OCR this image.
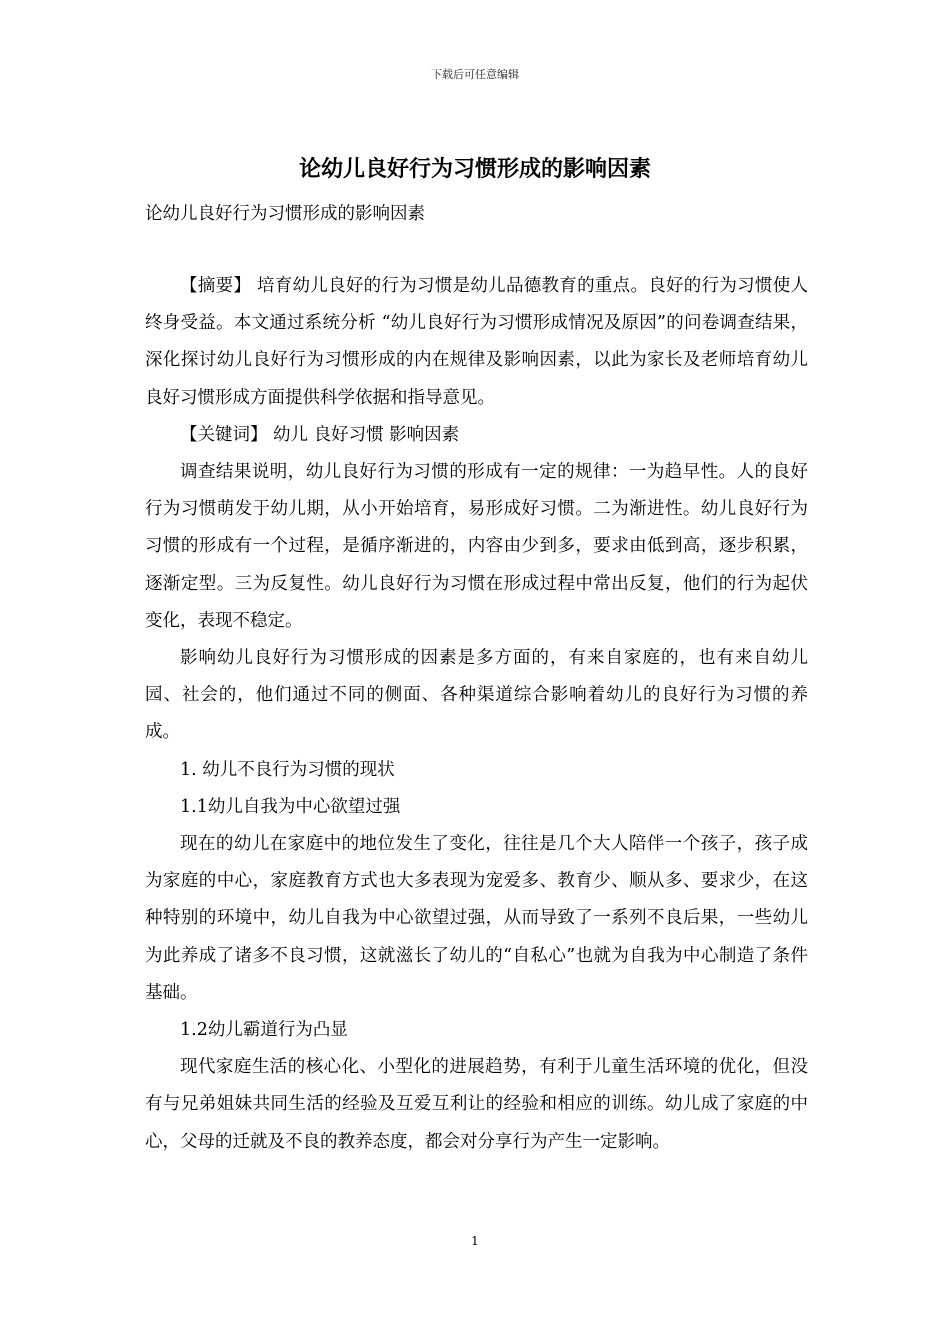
下载后可任意编辑
论幼儿良好行为习惯形成的影响因素
论幼儿良好行为习惯形成的影响因素

【摘要】 培育幼儿良好的行为习惯是幼儿品德教育的重点。良好的行为习惯使人终身受益。本文通过系统分析 “幼儿良好行为习惯形成情况及原因”的问卷调查结果，深化探讨幼儿良好行为习惯形成的内在规律及影响因素，以此为家长及老师培育幼儿良好习惯形成方面提供科学依据和指导意见。

【关键词】 幼儿 良好习惯 影响因素

调查结果说明，幼儿良好行为习惯的形成有一定的规律：一为趋早性。人的良好行为习惯萌发于幼儿期，从小开始培育，易形成好习惯。二为渐进性。幼儿良好行为习惯的形成有一个过程，是循序渐进的，内容由少到多，要求由低到高，逐步积累，逐渐定型。三为反复性。幼儿良好行为习惯在形成过程中常出反复，他们的行为起伏变化，表现不稳定。

影响幼儿良好行为习惯形成的因素是多方面的，有来自家庭的，也有来自幼儿园、社会的，他们通过不同的侧面、各种渠道综合影响着幼儿的良好行为习惯的养成。

1. 幼儿不良行为习惯的现状

1.1幼儿自我为中心欲望过强

现在的幼儿在家庭中的地位发生了变化，往往是几个大人陪伴一个孩子，孩子成为家庭的中心，家庭教育方式也大多表现为宠爱多、教育少、顺从多、要求少，在这种特别的环境中，幼儿自我为中心欲望过强，从而导致了一系列不良后果，一些幼儿为此养成了诸多不良习惯，这就滋长了幼儿的“自私心”也就为自我为中心制造了条件基础。

1.2幼儿霸道行为凸显

现代家庭生活的核心化、小型化的进展趋势，有利于儿童生活环境的优化，但没有与兄弟姐妹共同生活的经验及互爱互利让的经验和相应的训练。幼儿成了家庭的中心，父母的迁就及不良的教养态度，都会对分享行为产生一定影响。

1
